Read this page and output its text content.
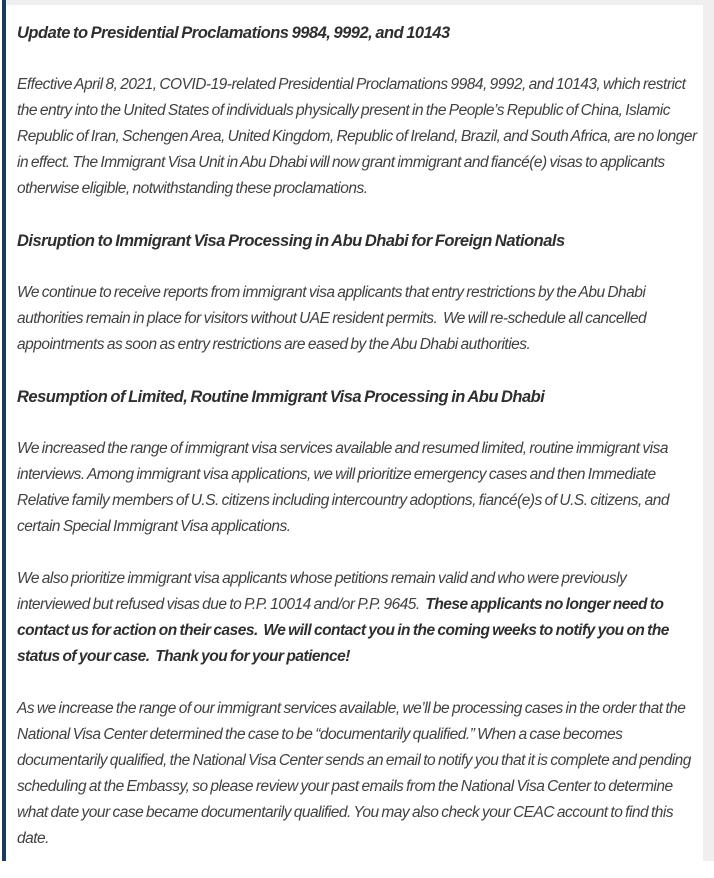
Update to Presidential Proclamations 9984, 9992, and 10143

Effective April 8, 2021, COVID-19-related Presidential Proclamations 9984, 9992, and 10143, which restrict the entry into the United States of individuals physically present in the People’s Republic of China, Islamic Republic of Iran, Schengen Area, United Kingdom, Republic of Ireland, Brazil, and South Africa, are no longer in effect. The Immigrant Visa Unit in Abu Dhabi will now grant immigrant and fiancé(e) visas to applicants otherwise eligible, notwithstanding these proclamations.

Disruption to Immigrant Visa Processing in Abu Dhabi for Foreign Nationals

We continue to receive reports from immigrant visa applicants that entry restrictions by the Abu Dhabi authorities remain in place for visitors without UAE resident permits.  We will re-schedule all cancelled appointments as soon as entry restrictions are eased by the Abu Dhabi authorities.

Resumption of Limited, Routine Immigrant Visa Processing in Abu Dhabi

We increased the range of immigrant visa services available and resumed limited, routine immigrant visa interviews. Among immigrant visa applications, we will prioritize emergency cases and then Immediate Relative family members of U.S. citizens including intercountry adoptions, fiancé(e)s of U.S. citizens, and certain Special Immigrant Visa applications.

We also prioritize immigrant visa applicants whose petitions remain valid and who were previously interviewed but refused visas due to P.P. 10014 and/or P.P. 9645.  These applicants no longer need to contact us for action on their cases.  We will contact you in the coming weeks to notify you on the status of your case.  Thank you for your patience!

As we increase the range of our immigrant services available, we’ll be processing cases in the order that the National Visa Center determined the case to be “documentarily qualified.” When a case becomes documentarily qualified, the National Visa Center sends an email to notify you that it is complete and pending scheduling at the Embassy, so please review your past emails from the National Visa Center to determine what date your case became documentarily qualified. You may also check your CEAC account to find this date.
